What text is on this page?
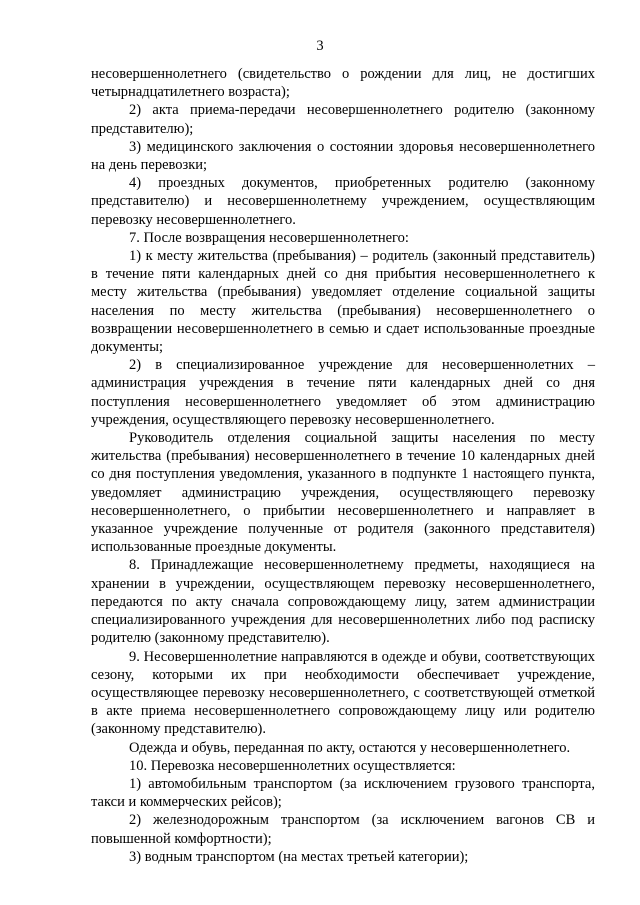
3

несовершеннолетнего (свидетельство о рождении для лиц, не достигших четырнадцатилетнего возраста);

2) акта приема-передачи несовершеннолетнего родителю (законному представителю);

3) медицинского заключения о состоянии здоровья несовершеннолетнего на день перевозки;

4) проездных документов, приобретенных родителю (законному представителю) и несовершеннолетнему учреждением, осуществляющим перевозку несовершеннолетнего.

7. После возвращения несовершеннолетнего:

1) к месту жительства (пребывания) – родитель (законный представитель) в течение пяти календарных дней со дня прибытия несовершеннолетнего к месту жительства (пребывания) уведомляет отделение социальной защиты населения по месту жительства (пребывания) несовершеннолетнего о возвращении несовершеннолетнего в семью и сдает использованные проездные документы;

2) в специализированное учреждение для несовершеннолетних – администрация учреждения в течение пяти календарных дней со дня поступления несовершеннолетнего уведомляет об этом администрацию учреждения, осуществляющего перевозку несовершеннолетнего.

Руководитель отделения социальной защиты населения по месту жительства (пребывания) несовершеннолетнего в течение 10 календарных дней со дня поступления уведомления, указанного в подпункте 1 настоящего пункта, уведомляет администрацию учреждения, осуществляющего перевозку несовершеннолетнего, о прибытии несовершеннолетнего и направляет в указанное учреждение полученные от родителя (законного представителя) использованные проездные документы.

8. Принадлежащие несовершеннолетнему предметы, находящиеся на хранении в учреждении, осуществляющем перевозку несовершеннолетнего, передаются по акту сначала сопровождающему лицу, затем администрации специализированного учреждения для несовершеннолетних либо под расписку родителю (законному представителю).

9. Несовершеннолетние направляются в одежде и обуви, соответствующих сезону, которыми их при необходимости обеспечивает учреждение, осуществляющее перевозку несовершеннолетнего, с соответствующей отметкой в акте приема несовершеннолетнего сопровождающему лицу или родителю (законному представителю).

Одежда и обувь, переданная по акту, остаются у несовершеннолетнего.

10. Перевозка несовершеннолетних осуществляется:

1) автомобильным транспортом (за исключением грузового транспорта, такси и коммерческих рейсов);

2) железнодорожным транспортом (за исключением вагонов СВ и повышенной комфортности);

3) водным транспортом (на местах третьей категории);
